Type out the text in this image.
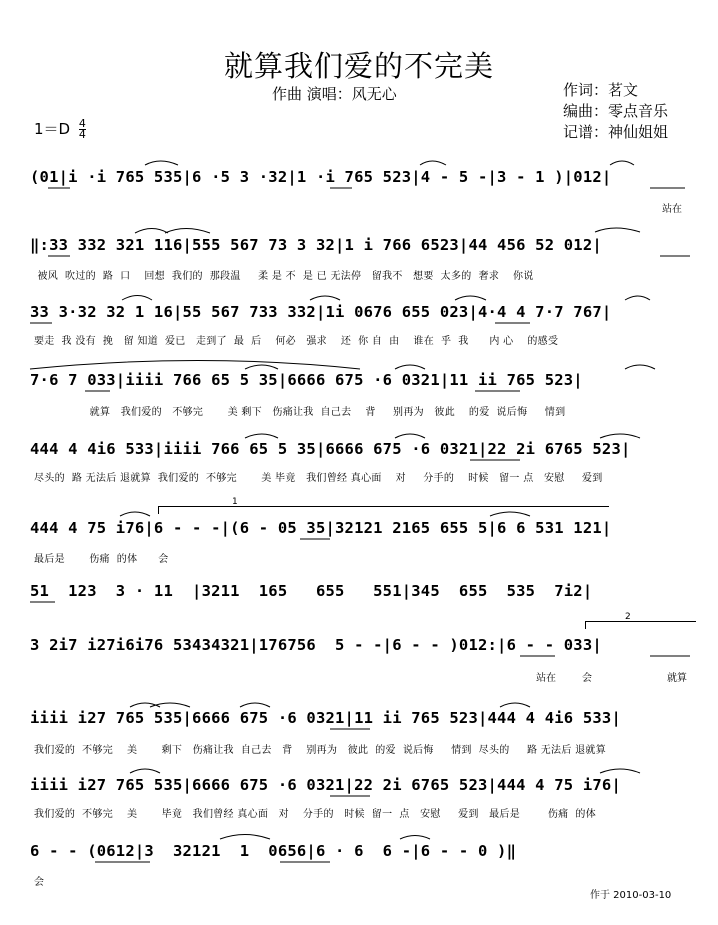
就算我们爱的不完美
作曲 演唱：风无心	作词：茗文
编曲：零点音乐
记谱：神仙姐姐
$1=D \frac{4}{4}$
(01|i ·i 765 535|6 ·5 3 ·32|1 ·i 765 523|4 - 5 -|3 - 1 )|012|
站在
‖:33 332 321 116|555 567 73 3 32|1 i 766 6523|44 456 52 012|
被风  吹过的  路  口    回想  我们的  那段温     柔 是 不  是 已 无法停   留我不   想要  太多的  奢求    你说
33 3·32 32 1 16|55 567 733 332|1i 0676 655 023|4·4 4 7·7 767|
要走  我 没有  挽   留 知道  爱已   走到了  最  后    何必   强求    还  你 自  由    谁在  乎  我      内 心    的感受
7·6 7 033|iiii 766 65 5 35|6666 675 ·6 0321|11 ii 765 523|
就算   我们爱的   不够完       美 剩下   伤痛让我  自己去    背     别再为   彼此    的爱  说后悔     情到
444 4 4i6 533|iiii 766 65 5 35|6666 675 ·6 0321|22 2i 6765 523|
尽头的  路 无法后 退就算  我们爱的  不够完       美 毕竟   我们曾经 真心面    对     分手的    时候   留一 点   安慰     爱到
1
444 4 75 i76|6 - - -|(6 - 05 35|32121 2165 655 5|6 6 531 121|
最后是       伤痛  的体      会
51  123  3 · 11  |3211  165   655   551|345  655  535  7i2|
2
3 2i7 i27i6i76 53434321|176756  5 - -|6 - - )012:|6 - - 033|
站在	会	就算
iiii i27 765 535|6666 675 ·6 0321|11 ii 765 523|444 4 4i6 533|
我们爱的  不够完    美       剩下   伤痛让我  自己去   背    别再为   彼此  的爱  说后悔     情到  尽头的     路 无法后 退就算
iiii i27 765 535|6666 675 ·6 0321|22 2i 6765 523|444 4 75 i76|
我们爱的  不够完    美       毕竟   我们曾经 真心面   对    分手的   时候  留一  点   安慰     爱到   最后是        伤痛  的体
6 - - (0612|3  32121  1  0656|6 · 6  6 -|6 - - 0 )‖
会
作于 2010-03-10
